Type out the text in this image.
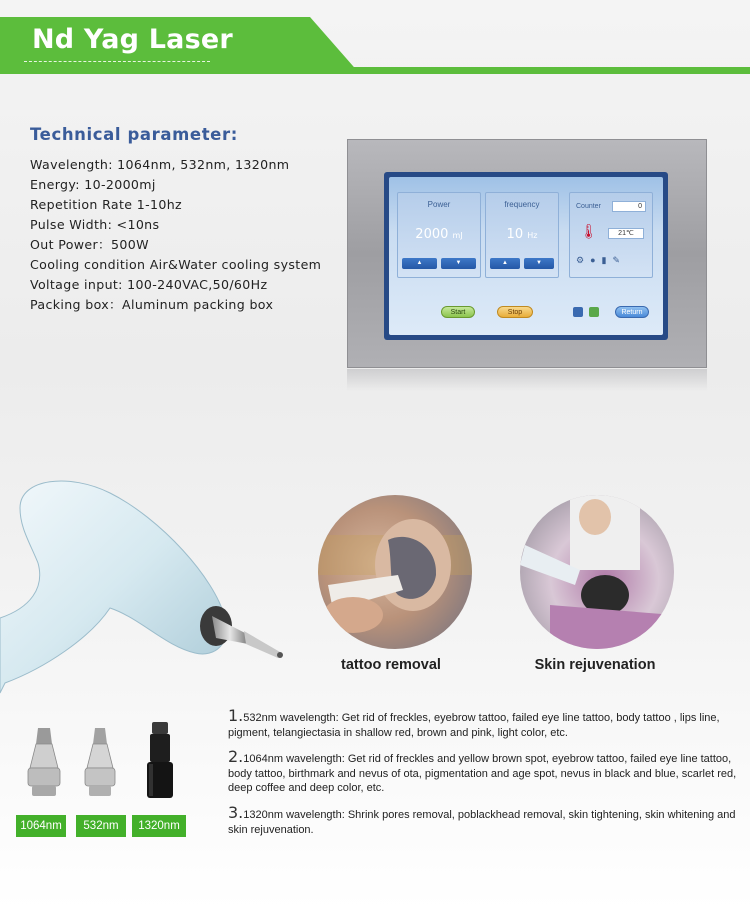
Nd Yag Laser
Technical parameter:
Wavelength: 1064nm, 532nm, 1320nm
Energy: 10-2000mj
Repetition Rate 1-10hz
Pulse Width: <10ns
Out Power：500W
Cooling condition Air&Water cooling system
Voltage input: 100-240VAC,50/60Hz
Packing box：Aluminum packing box
Power
2000 mJ
▲	▼
frequency
10 Hz
▲	▼
Counter	0
🌡	21℃
⚙ ● ▮ ✎
Start	Stop	Return
tattoo removal	Skin rejuvenation
1064nm	532nm	1320nm
1.532nm wavelength: Get rid of freckles, eyebrow tattoo, failed eye line tattoo, body tattoo , lips line, pigment, telangiectasia in shallow red, brown and pink, light color, etc.
2.1064nm wavelength: Get rid of freckles and yellow brown spot, eyebrow tattoo, failed eye line tattoo, body tattoo, birthmark and nevus of ota, pigmentation and age spot, nevus in black and blue, scarlet red, deep coffee and deep color, etc.
3.1320nm wavelength: Shrink pores removal, poblackhead removal, skin tightening, skin whitening and skin rejuvenation.
